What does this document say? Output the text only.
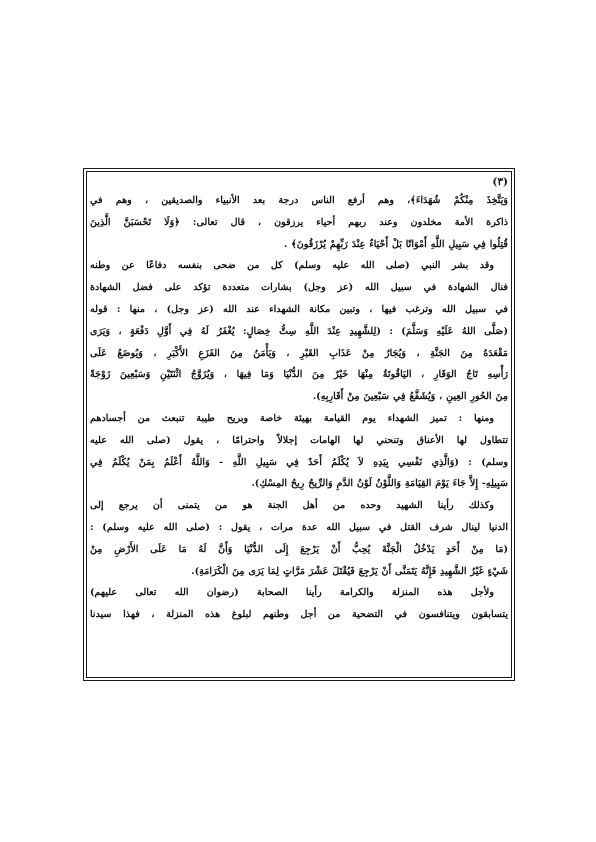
(٣)
وَيَتَّخِذَ مِنْكُمْ شُهَدَاءَ﴾، وهم أرفع الناس درجة بعد الأنبياء والصديقين ، وهم في
ذاكرة الأمة مخلدون وعند ربهم أحياء يرزقون ، قال تعالى: ﴿وَلَا تَحْسَبَنَّ الَّذِينَ
قُتِلُوا فِي سَبِيلِ اللَّهِ أَمْوَاتًا بَلْ أَحْيَاءٌ عِنْدَ رَبِّهِمْ يُرْزَقُونَ﴾ .
وقد بشر النبي (صلى الله عليه وسلم) كل من ضحى بنفسه دفاعًا عن وطنه
فنال الشهادة في سبيل الله (عز وجل) بشارات متعددة تؤكد على فضل الشهادة
في سبيل الله وترغب فيها ، وتبين مكانة الشهداء عند الله (عز وجل) ، منها : قوله
(صَلَّى اللهُ عَلَيْهِ وَسَلَّمَ) : (لِلشَّهِيدِ عِنْدَ اللَّهِ سِتُّ خِصَالٍ: يُغْفَرُ لَهُ فِي أَوَّلِ دَفْعَةٍ ، وَيَرَى
مَقْعَدَهُ مِنَ الجَنَّةِ ، وَيُجَارُ مِنْ عَذَابِ القَبْرِ ، وَيَأْمَنُ مِنَ الفَزَعِ الأَكْبَرِ ، وَيُوضَعُ عَلَى
رَأْسِهِ تَاجُ الوَقَارِ ، اليَاقُوتَةُ مِنْهَا خَيْرٌ مِنَ الدُّنْيَا وَمَا فِيهَا ، وَيُزَوَّجُ اثْنَتَيْنِ وَسَبْعِينَ زَوْجَةً
مِنَ الحُورِ العِينِ ، وَيُشَفَّعُ فِي سَبْعِينَ مِنْ أَقَارِبِهِ).
ومنها : تميز الشهداء يوم القيامة بهيئة خاصة وبريح طيبة تنبعث من أجسادهم
تتطاول لها الأعناق وتنحني لها الهامات إجلالاً واحترامًا ، يقول (صلى الله عليه
وسلم) : (وَالَّذِي نَفْسِي بِيَدِهِ لاَ يُكْلَمُ أَحَدٌ فِي سَبِيلِ اللَّهِ - وَاللَّهُ أَعْلَمُ بِمَنْ يُكْلَمُ فِي
سَبِيلِهِ- إِلاَّ جَاءَ يَوْمَ القِيَامَةِ وَاللَّوْنُ لَوْنُ الدَّمِ وَالرِّيحُ رِيحُ المِسْكِ).
وكذلك رأينا الشهيد وحده من أهل الجنة هو من يتمنى أن يرجع إلى
الدنيا لينال شرف القتل في سبيل الله عدة مرات ، يقول : (صلى الله عليه وسلم) :
(مَا مِنْ أَحَدٍ يَدْخُلُ الْجَنَّةَ يُحِبُّ أَنْ يَرْجِعَ إِلَى الدُّنْيَا وَأَنَّ لَهُ مَا عَلَى الأَرْضِ مِنْ
شَيْءٍ غَيْرُ الشَّهِيدِ فَإِنَّهُ يَتَمَنَّى أَنْ يَرْجِعَ فَيُقْتَلَ عَشْرَ مَرَّاتٍ لِمَا يَرَى مِنَ الْكَرَامَةِ).
ولأجل هذه المنزلة والكرامة رأينا الصحابة (رضوان الله تعالى عليهم)
يتسابقون ويتنافسون في التضحية من أجل وطنهم لبلوغ هذه المنزلة ، فهذا سيدنا
